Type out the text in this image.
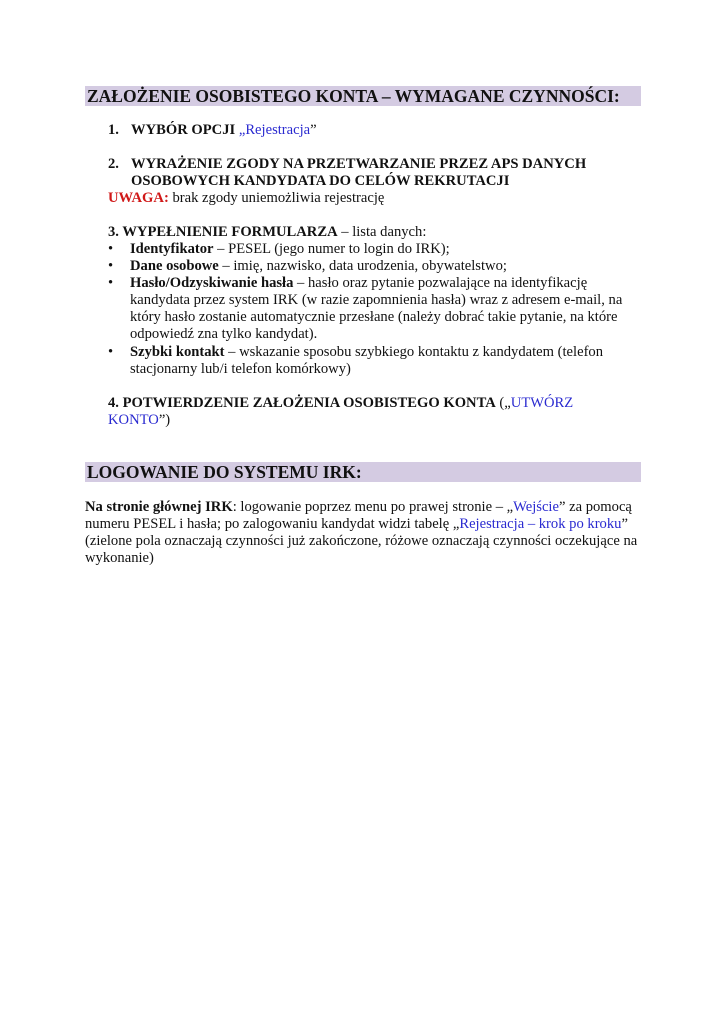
ZAŁOŻENIE OSOBISTEGO KONTA – WYMAGANE CZYNNOŚCI:
1. WYBÓR OPCJI „Rejestracja”
2. WYRAŻENIE ZGODY NA PRZETWARZANIE PRZEZ APS DANYCH
OSOBOWYCH KANDYDATA DO CELÓW REKRUTACJI
UWAGA: brak zgody uniemożliwia rejestrację
3. WYPEŁNIENIE FORMULARZA – lista danych:
•	Identyfikator – PESEL (jego numer to login do IRK);
•	Dane osobowe – imię, nazwisko, data urodzenia, obywatelstwo;
•	Hasło/Odzyskiwanie hasła – hasło oraz pytanie pozwalające na identyfikację kandydata przez system IRK (w razie zapomnienia hasła) wraz z adresem e-mail, na który hasło zostanie automatycznie przesłane (należy dobrać takie pytanie, na które odpowiedź zna tylko kandydat).
•	Szybki kontakt – wskazanie sposobu szybkiego kontaktu z kandydatem (telefon stacjonarny lub/i telefon komórkowy)
4. POTWIERDZENIE ZAŁOŻENIA OSOBISTEGO KONTA („UTWÓRZ
KONTO”)
LOGOWANIE DO SYSTEMU IRK:
Na stronie głównej IRK: logowanie poprzez menu po prawej stronie – „Wejście” za pomocą numeru PESEL i hasła; po zalogowaniu kandydat widzi tabelę „Rejestracja – krok po kroku” (zielone pola oznaczają czynności już zakończone, różowe oznaczają czynności oczekujące na wykonanie)
